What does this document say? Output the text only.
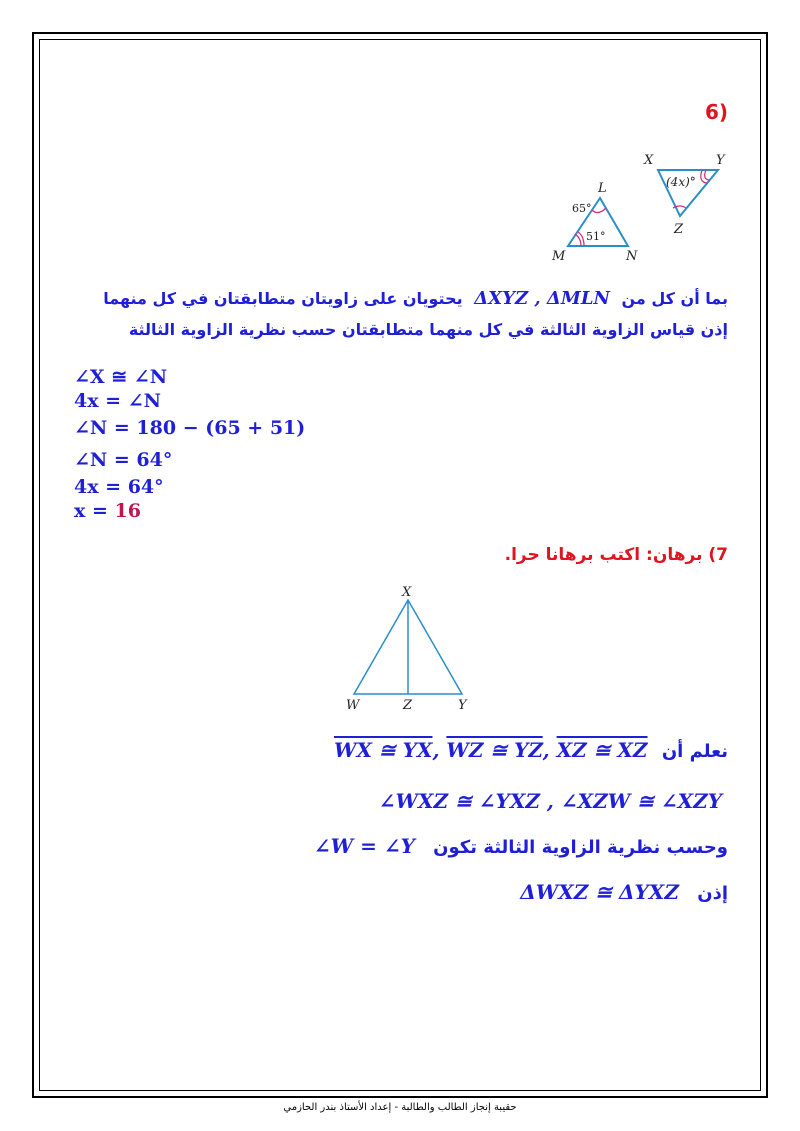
(6
X	Y
Z
(4x)°
L
M	N
65°
51°
بما أن كل من ΔXYZ , ΔMLN يحتويان على زاويتان متطابقتان في كل منهما
إذن قياس الزاوية الثالثة في كل منهما متطابقتان حسب نظرية الزاوية الثالثة
∠X ≅ ∠N
4x = ∠N
∠N = 180 − (65 + 51)
∠N = 64°
4x = 64°
x = 16
7) برهان: اكتب برهانا حرا.
X
W	Z	Y
نعلم أن WX ≅ YX, WZ ≅ YZ, XZ ≅ XZ
∠WXZ ≅ ∠YXZ , ∠XZW ≅ ∠XZY
وحسب نظرية الزاوية الثالثة تكون ∠W = ∠Y
إذن ΔWXZ ≅ ΔYXZ
حقيبة إنجاز الطالب والطالبة - إعداد الأستاذ بندر الحازمي
